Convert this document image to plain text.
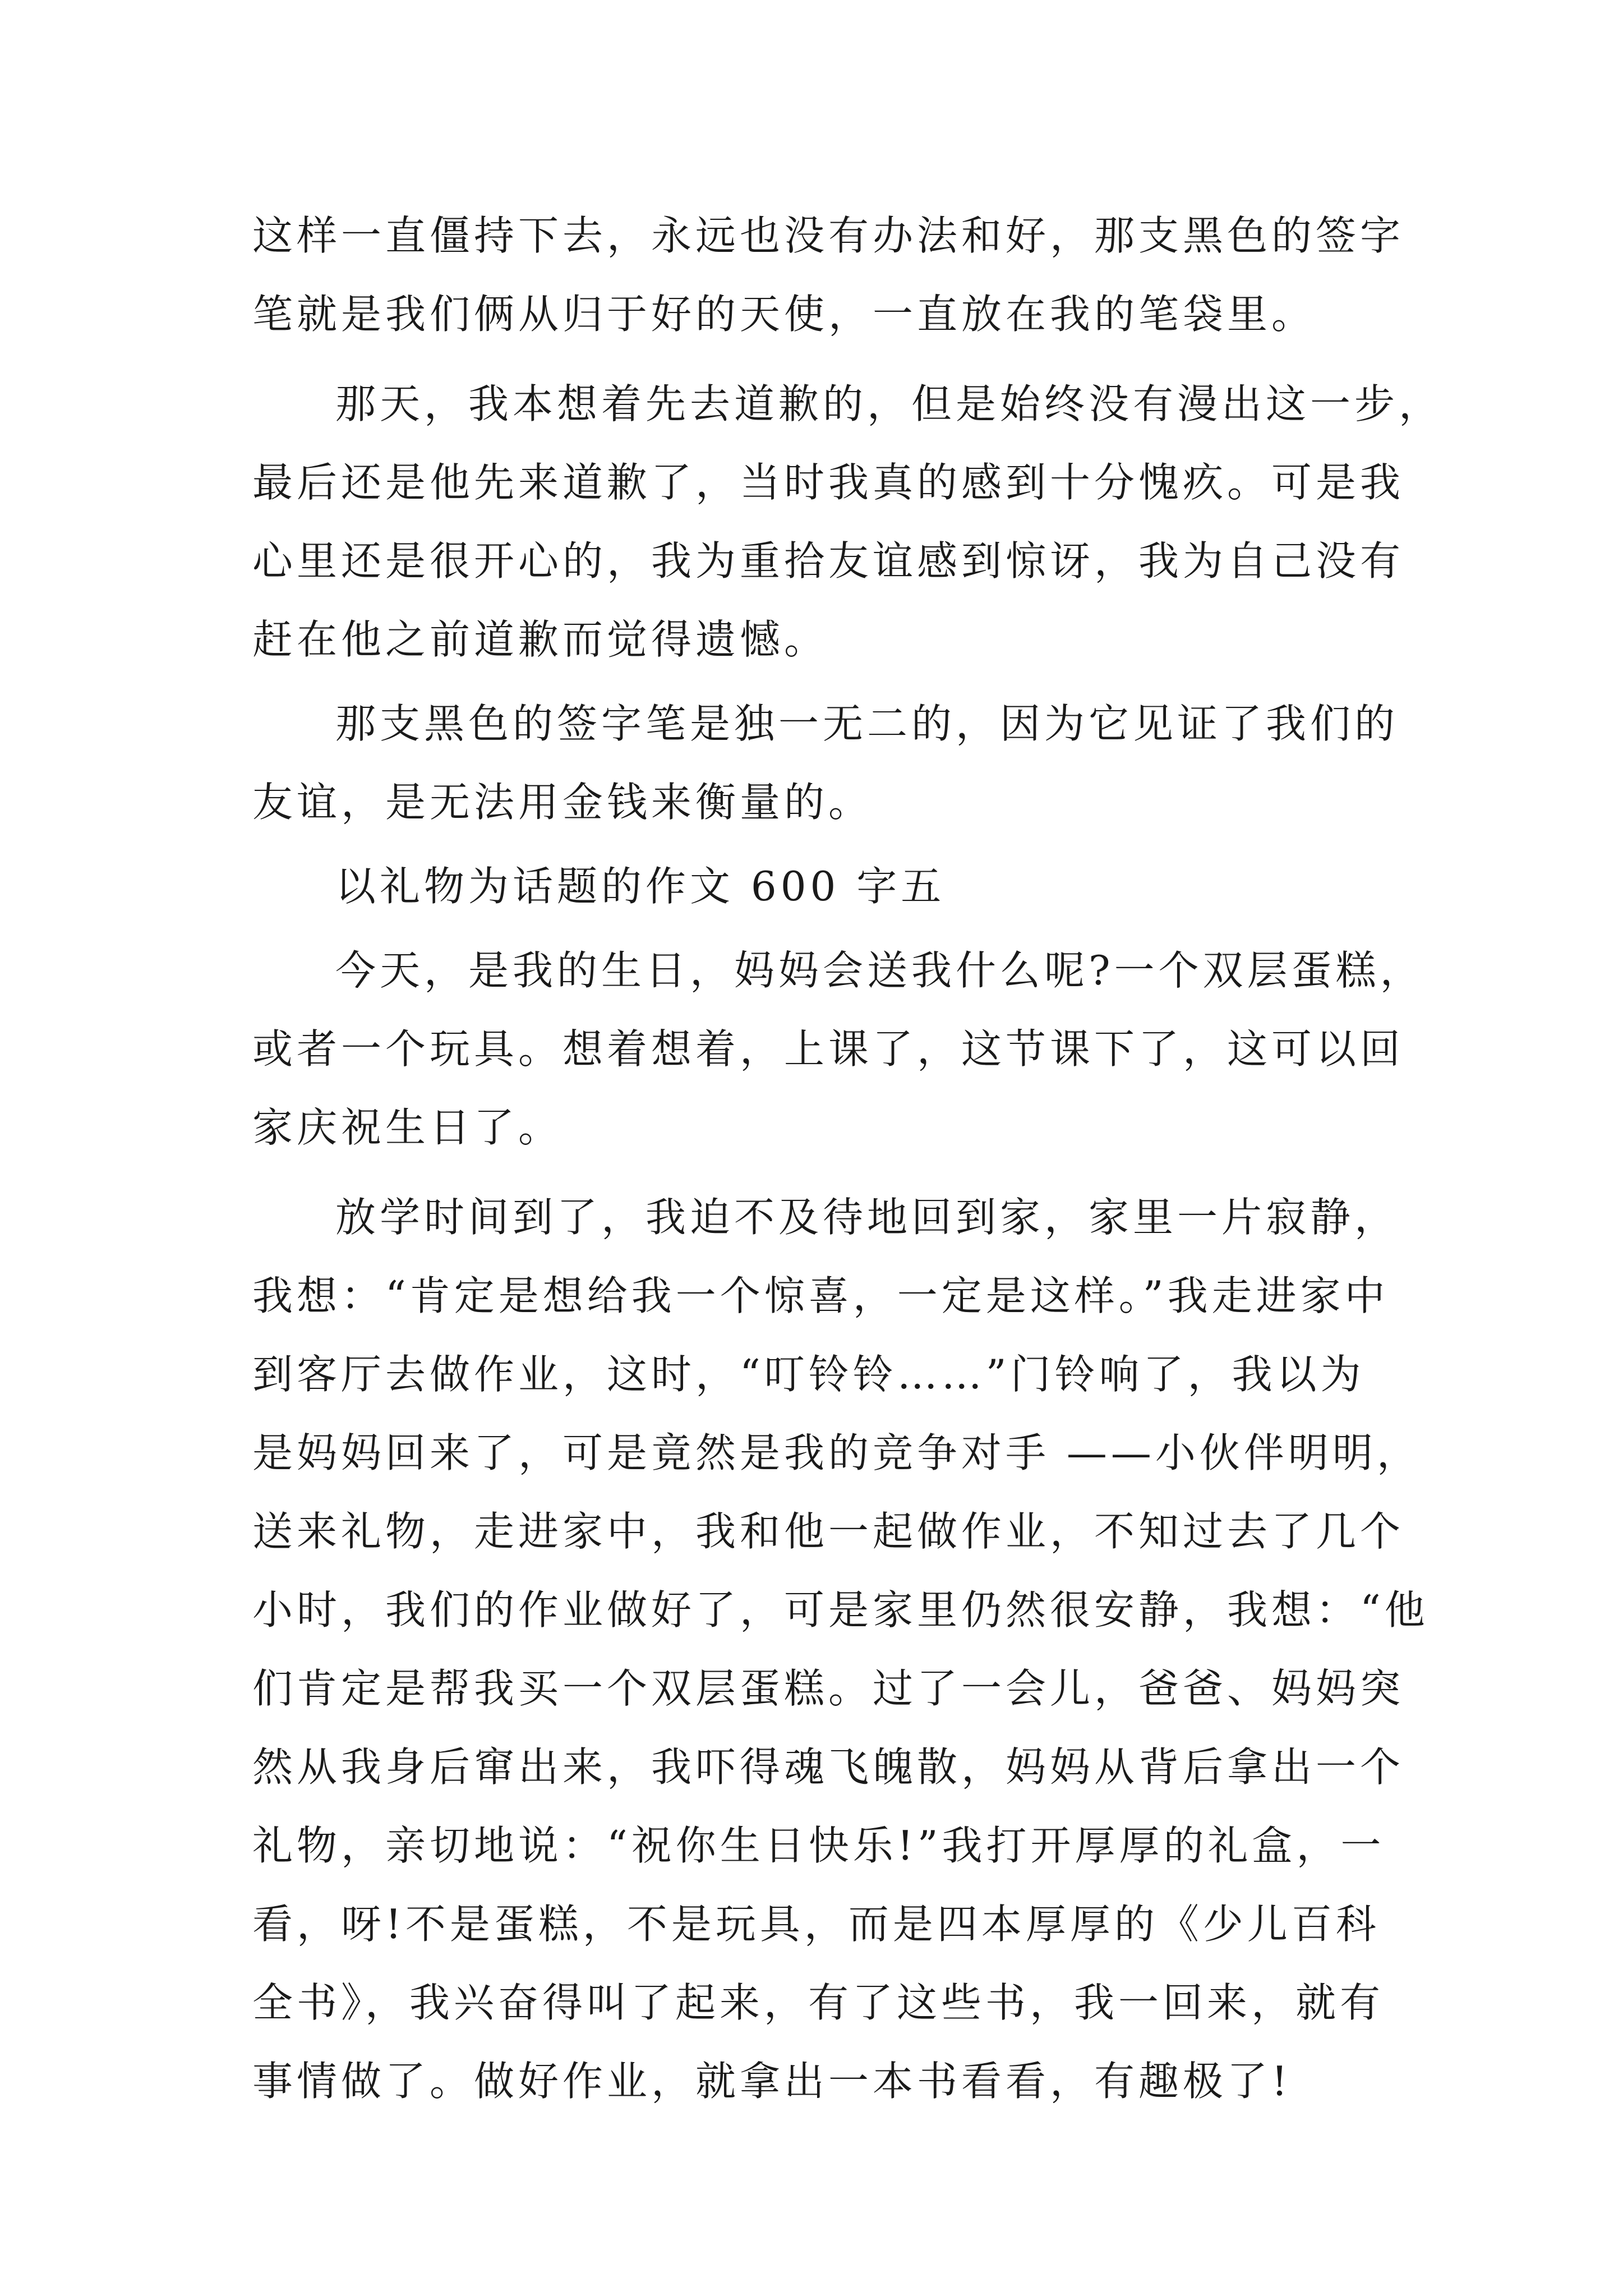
这样一直僵持下去，永远也没有办法和好，那支黑色的签字
笔就是我们俩从归于好的天使，一直放在我的笔袋里。
那天，我本想着先去道歉的，但是始终没有漫出这一步，
最后还是他先来道歉了，当时我真的感到十分愧疚。可是我
心里还是很开心的，我为重拾友谊感到惊讶，我为自己没有
赶在他之前道歉而觉得遗憾。
那支黑色的签字笔是独一无二的，因为它见证了我们的
友谊，是无法用金钱来衡量的。
以礼物为话题的作文 600 字五
今天，是我的生日，妈妈会送我什么呢?一个双层蛋糕，
或者一个玩具。想着想着，上课了，这节课下了，这可以回
家庆祝生日了。
放学时间到了，我迫不及待地回到家，家里一片寂静，
我想：“肯定是想给我一个惊喜，一定是这样。”我走进家中
到客厅去做作业，这时，“叮铃铃……”门铃响了，我以为
是妈妈回来了，可是竟然是我的竞争对手 ——小伙伴明明，
送来礼物，走进家中，我和他一起做作业，不知过去了几个
小时，我们的作业做好了，可是家里仍然很安静，我想：“他
们肯定是帮我买一个双层蛋糕。过了一会儿，爸爸、妈妈突
然从我身后窜出来，我吓得魂飞魄散，妈妈从背后拿出一个
礼物，亲切地说：“祝你生日快乐!”我打开厚厚的礼盒，一
看，呀!不是蛋糕，不是玩具，而是四本厚厚的《少儿百科
全书》，我兴奋得叫了起来，有了这些书，我一回来，就有
事情做了。做好作业，就拿出一本书看看，有趣极了!
